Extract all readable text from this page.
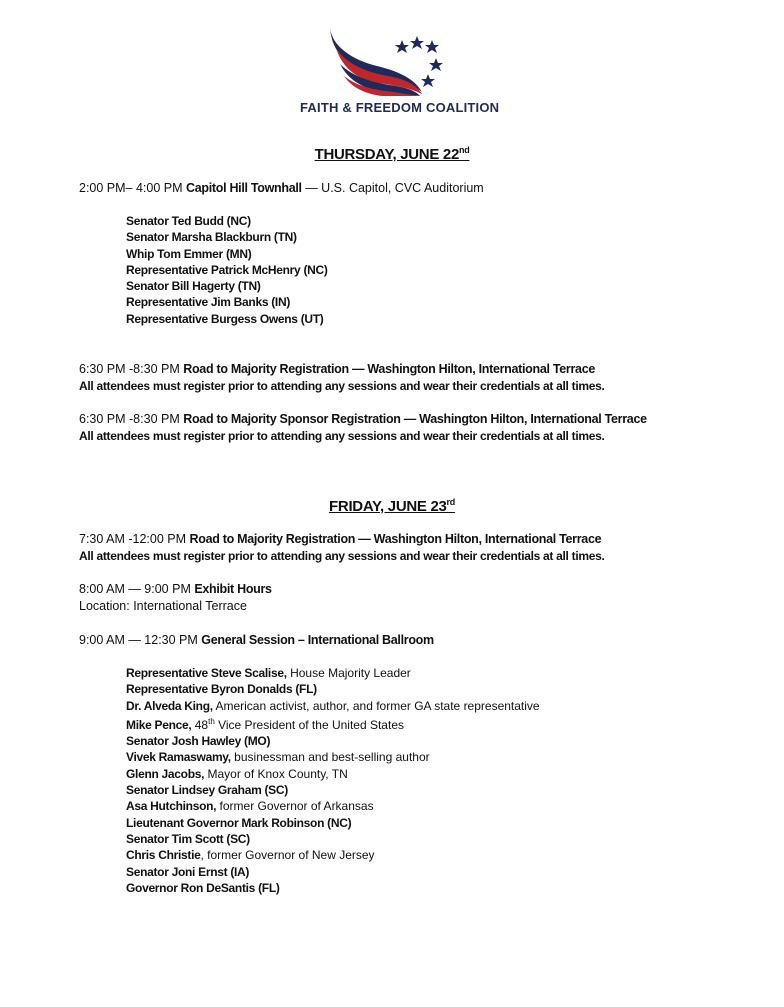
FAITH & FREEDOM COALITION
THURSDAY, JUNE 22nd
2:00 PM– 4:00 PM Capitol Hill Townhall — U.S. Capitol, CVC Auditorium
Senator Ted Budd (NC)
Senator Marsha Blackburn (TN)
Whip Tom Emmer (MN)
Representative Patrick McHenry (NC)
Senator Bill Hagerty (TN)
Representative Jim Banks (IN)
Representative Burgess Owens (UT)
6:30 PM -8:30 PM Road to Majority Registration — Washington Hilton, International Terrace
All attendees must register prior to attending any sessions and wear their credentials at all times.
6:30 PM -8:30 PM Road to Majority Sponsor Registration — Washington Hilton, International Terrace
All attendees must register prior to attending any sessions and wear their credentials at all times.
FRIDAY, JUNE 23rd
7:30 AM -12:00 PM Road to Majority Registration — Washington Hilton, International Terrace
All attendees must register prior to attending any sessions and wear their credentials at all times.
8:00 AM — 9:00 PM Exhibit Hours
Location: International Terrace
9:00 AM — 12:30 PM General Session – International Ballroom
Representative Steve Scalise, House Majority Leader
Representative Byron Donalds (FL)
Dr. Alveda King, American activist, author, and former GA state representative
Mike Pence, 48th Vice President of the United States
Senator Josh Hawley (MO)
Vivek Ramaswamy, businessman and best-selling author
Glenn Jacobs, Mayor of Knox County, TN
Senator Lindsey Graham (SC)
Asa Hutchinson, former Governor of Arkansas
Lieutenant Governor Mark Robinson (NC)
Senator Tim Scott (SC)
Chris Christie, former Governor of New Jersey
Senator Joni Ernst (IA)
Governor Ron DeSantis (FL)
